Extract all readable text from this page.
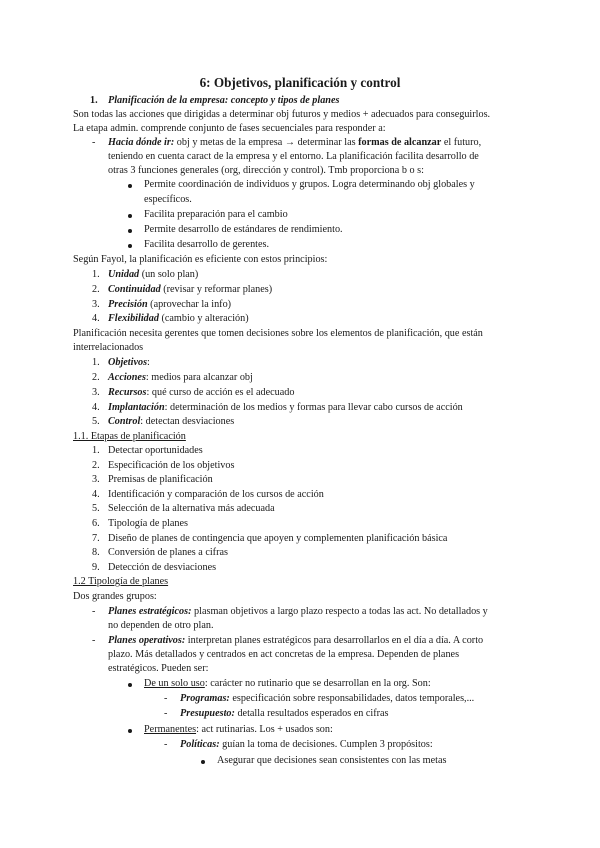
6: Objetivos, planificación y control
1. Planificación de la empresa: concepto y tipos de planes
Son todas las acciones que dirigidas a determinar obj futuros y medios + adecuados para conseguirlos.
La etapa admin. comprende conjunto de fases secuenciales para responder a:
- Hacia dónde ir: obj y metas de la empresa → determinar las formas de alcanzar el futuro,
teniendo en cuenta caract de la empresa y el entorno. La planificación facilita desarrollo de
otras 3 funciones generales (org, dirección y control). Tmb proporciona b o s:
Permite coordinación de individuos y grupos. Logra determinando obj globales y
específicos.
Facilita preparación para el cambio
Permite desarrollo de estándares de rendimiento.
Facilita desarrollo de gerentes.
Según Fayol, la planificación es eficiente con estos principios:
1. Unidad (un solo plan)
2. Continuidad (revisar y reformar planes)
3. Precisión (aprovechar la info)
4. Flexibilidad (cambio y alteración)
Planificación necesita gerentes que tomen decisiones sobre los elementos de planificación, que están
interrelacionados
1. Objetivos:
2. Acciones: medios para alcanzar obj
3. Recursos: qué curso de acción es el adecuado
4. Implantación: determinación de los medios y formas para llevar cabo cursos de acción
5. Control: detectan desviaciones
1.1. Etapas de planificación
1. Detectar oportunidades
2. Especificación de los objetivos
3. Premisas de planificación
4. Identificación y comparación de los cursos de acción
5. Selección de la alternativa más adecuada
6. Tipología de planes
7. Diseño de planes de contingencia que apoyen y complementen planificación básica
8. Conversión de planes a cifras
9. Detección de desviaciones
1.2 Tipología de planes
Dos grandes grupos:
- Planes estratégicos: plasman objetivos a largo plazo respecto a todas las act. No detallados y
no dependen de otro plan.
- Planes operativos: interpretan planes estratégicos para desarrollarlos en el día a día. A corto
plazo. Más detallados y centrados en act concretas de la empresa. Dependen de planes
estratégicos. Pueden ser:
De un solo uso: carácter no rutinario que se desarrollan en la org. Son:
- Programas: especificación sobre responsabilidades, datos temporales,...
- Presupuesto: detalla resultados esperados en cifras
Permanentes: act rutinarias. Los + usados son:
- Políticas: guían la toma de decisiones. Cumplen 3 propósitos:
Asegurar que decisiones sean consistentes con las metas
